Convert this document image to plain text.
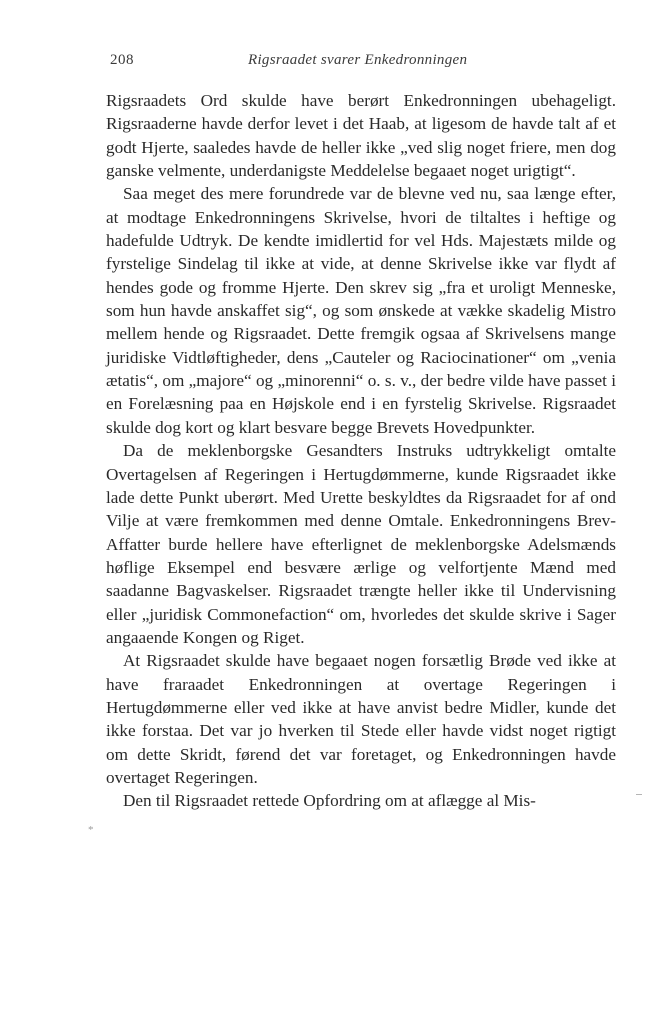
208	Rigsraadet svarer Enkedronningen

Rigsraadets Ord skulde have berørt Enkedronningen ubehageligt. Rigsraaderne havde derfor levet i det Haab, at ligesom de havde talt af et godt Hjerte, saaledes havde de heller ikke „ved slig noget friere, men dog ganske velmente, underdanigste Meddelelse begaaet noget urigtigt“.

Saa meget des mere forundrede var de blevne ved nu, saa længe efter, at modtage Enkedronningens Skrivelse, hvori de tiltaltes i heftige og hadefulde Udtryk. De kendte imidlertid for vel Hds. Majestæts milde og fyrstelige Sindelag til ikke at vide, at denne Skrivelse ikke var flydt af hendes gode og fromme Hjerte. Den skrev sig „fra et uroligt Menneske, som hun havde anskaffet sig“, og som ønskede at vække skadelig Mistro mellem hende og Rigsraadet. Dette fremgik ogsaa af Skrivelsens mange juridiske Vidtløftigheder, dens „Cauteler og Raciocinationer“ om „venia ætatis“, om „majore“ og „minorenni“ o. s. v., der bedre vilde have passet i en Forelæsning paa en Højskole end i en fyrstelig Skrivelse. Rigsraadet skulde dog kort og klart besvare begge Brevets Hovedpunkter.

Da de meklenborgske Gesandters Instruks udtrykkeligt omtalte Overtagelsen af Regeringen i Hertugdømmerne, kunde Rigsraadet ikke lade dette Punkt uberørt. Med Urette beskyldtes da Rigsraadet for af ond Vilje at være fremkommen med denne Omtale. Enkedronningens Brev-Affatter burde hellere have efterlignet de meklenborgske Adelsmænds høflige Eksempel end besvære ærlige og velfortjente Mænd med saadanne Bagvaskelser. Rigsraadet trængte heller ikke til Undervisning eller „juridisk Commonefaction“ om, hvorledes det skulde skrive i Sager angaaende Kongen og Riget.

At Rigsraadet skulde have begaaet nogen forsætlig Brøde ved ikke at have fraraadet Enkedronningen at overtage Regeringen i Hertugdømmerne eller ved ikke at have anvist bedre Midler, kunde det ikke forstaa. Det var jo hverken til Stede eller havde vidst noget rigtigt om dette Skridt, førend det var foretaget, og Enkedronningen havde overtaget Regeringen.

Den til Rigsraadet rettede Opfordring om at aflægge al Mis-

*
